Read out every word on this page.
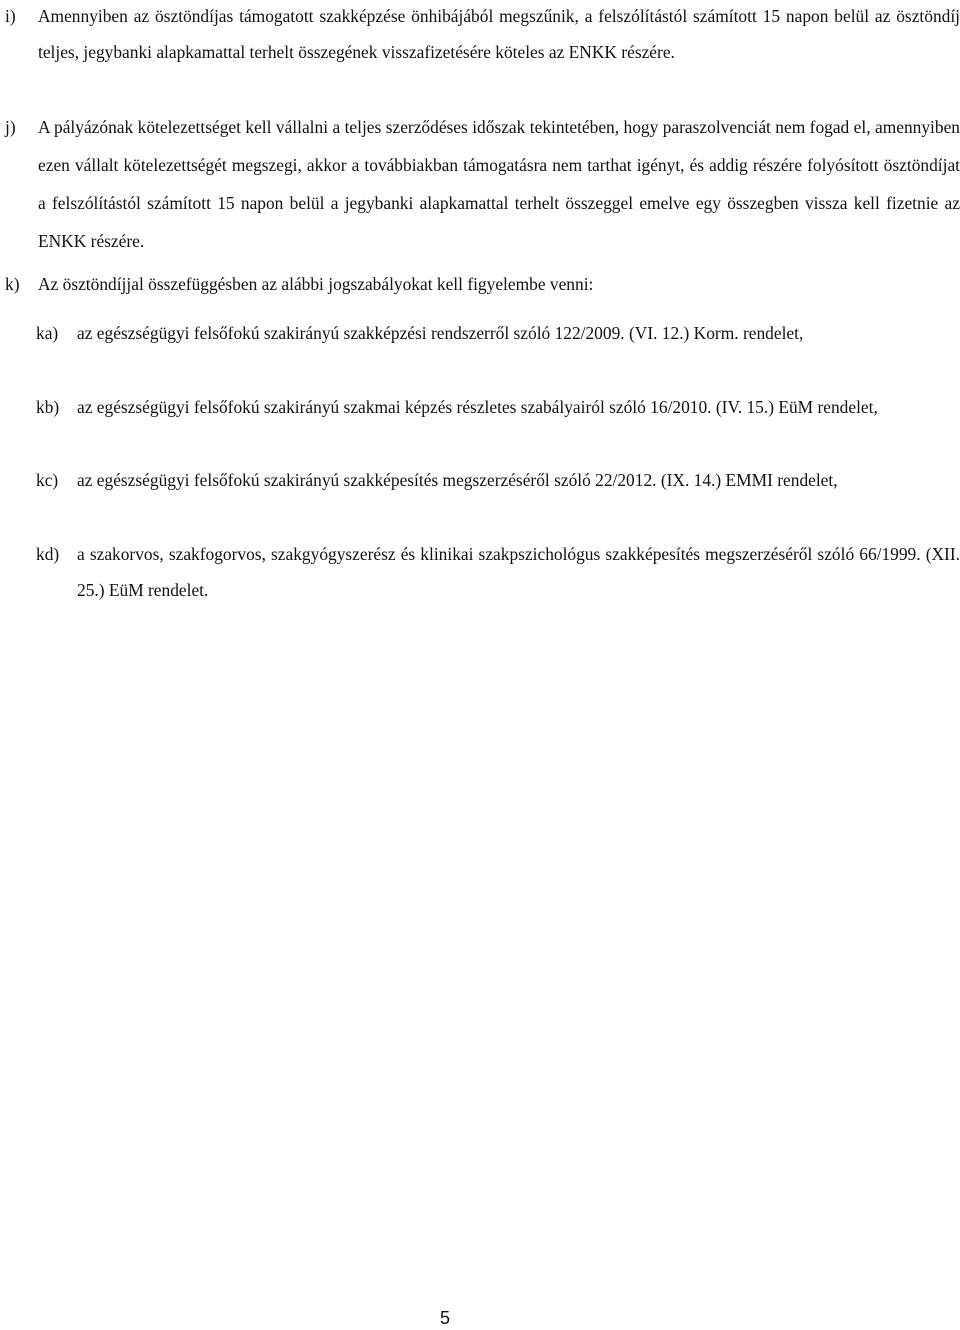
i) Amennyiben az ösztöndíjas támogatott szakképzése önhibájából megszűnik, a felszólítástól számított 15 napon belül az ösztöndíj teljes, jegybanki alapkamattal terhelt összegének visszafizetésére köteles az ENKK részére.
j) A pályázónak kötelezettséget kell vállalni a teljes szerződéses időszak tekintetében, hogy paraszolvenciát nem fogad el, amennyiben ezen vállalt kötelezettségét megszegi, akkor a továbbiakban támogatásra nem tarthat igényt, és addig részére folyósított ösztöndíjat a felszólítástól számított 15 napon belül a jegybanki alapkamattal terhelt összeggel emelve egy összegben vissza kell fizetnie az ENKK részére.
k) Az ösztöndíjjal összefüggésben az alábbi jogszabályokat kell figyelembe venni:
ka) az egészségügyi felsőfokú szakirányú szakképzési rendszerről szóló 122/2009. (VI. 12.) Korm. rendelet,
kb) az egészségügyi felsőfokú szakirányú szakmai képzés részletes szabályairól szóló 16/2010. (IV. 15.) EüM rendelet,
kc) az egészségügyi felsőfokú szakirányú szakképesítés megszerzéséről szóló 22/2012. (IX. 14.) EMMI rendelet,
kd) a szakorvos, szakfogorvos, szakgyógyszerész és klinikai szakpszichológus szakképesítés megszerzéséről szóló 66/1999. (XII. 25.) EüM rendelet.
5
